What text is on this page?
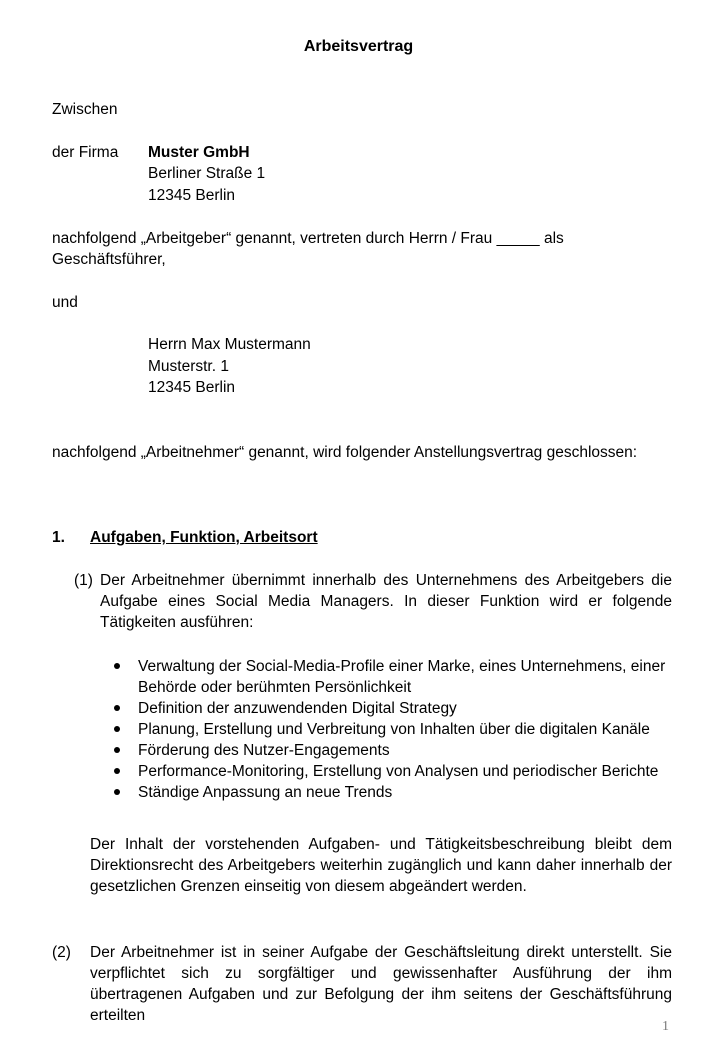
Arbeitsvertrag
Zwischen
der Firma Muster GmbH
Berliner Straße 1
12345 Berlin
nachfolgend „Arbeitgeber“ genannt, vertreten durch Herrn / Frau _____ als
Geschäftsführer,
und
Herrn Max Mustermann
Musterstr. 1
12345 Berlin
nachfolgend „Arbeitnehmer“ genannt, wird folgender Anstellungsvertrag geschlossen:
1. Aufgaben, Funktion, Arbeitsort
(1) Der Arbeitnehmer übernimmt innerhalb des Unternehmens des Arbeitgebers die Aufgabe eines Social Media Managers. In dieser Funktion wird er folgende Tätigkeiten ausführen:
Verwaltung der Social-Media-Profile einer Marke, eines Unternehmens, einer Behörde oder berühmten Persönlichkeit
Definition der anzuwendenden Digital Strategy
Planung, Erstellung und Verbreitung von Inhalten über die digitalen Kanäle
Förderung des Nutzer-Engagements
Performance-Monitoring, Erstellung von Analysen und periodischer Berichte
Ständige Anpassung an neue Trends
Der Inhalt der vorstehenden Aufgaben- und Tätigkeitsbeschreibung bleibt dem Direktionsrecht des Arbeitgebers weiterhin zugänglich und kann daher innerhalb der gesetzlichen Grenzen einseitig von diesem abgeändert werden.
(2) Der Arbeitnehmer ist in seiner Aufgabe der Geschäftsleitung direkt unterstellt. Sie verpflichtet sich zu sorgfältiger und gewissenhafter Ausführung der ihm übertragenen Aufgaben und zur Befolgung der ihm seitens der Geschäftsführung erteilten
1
